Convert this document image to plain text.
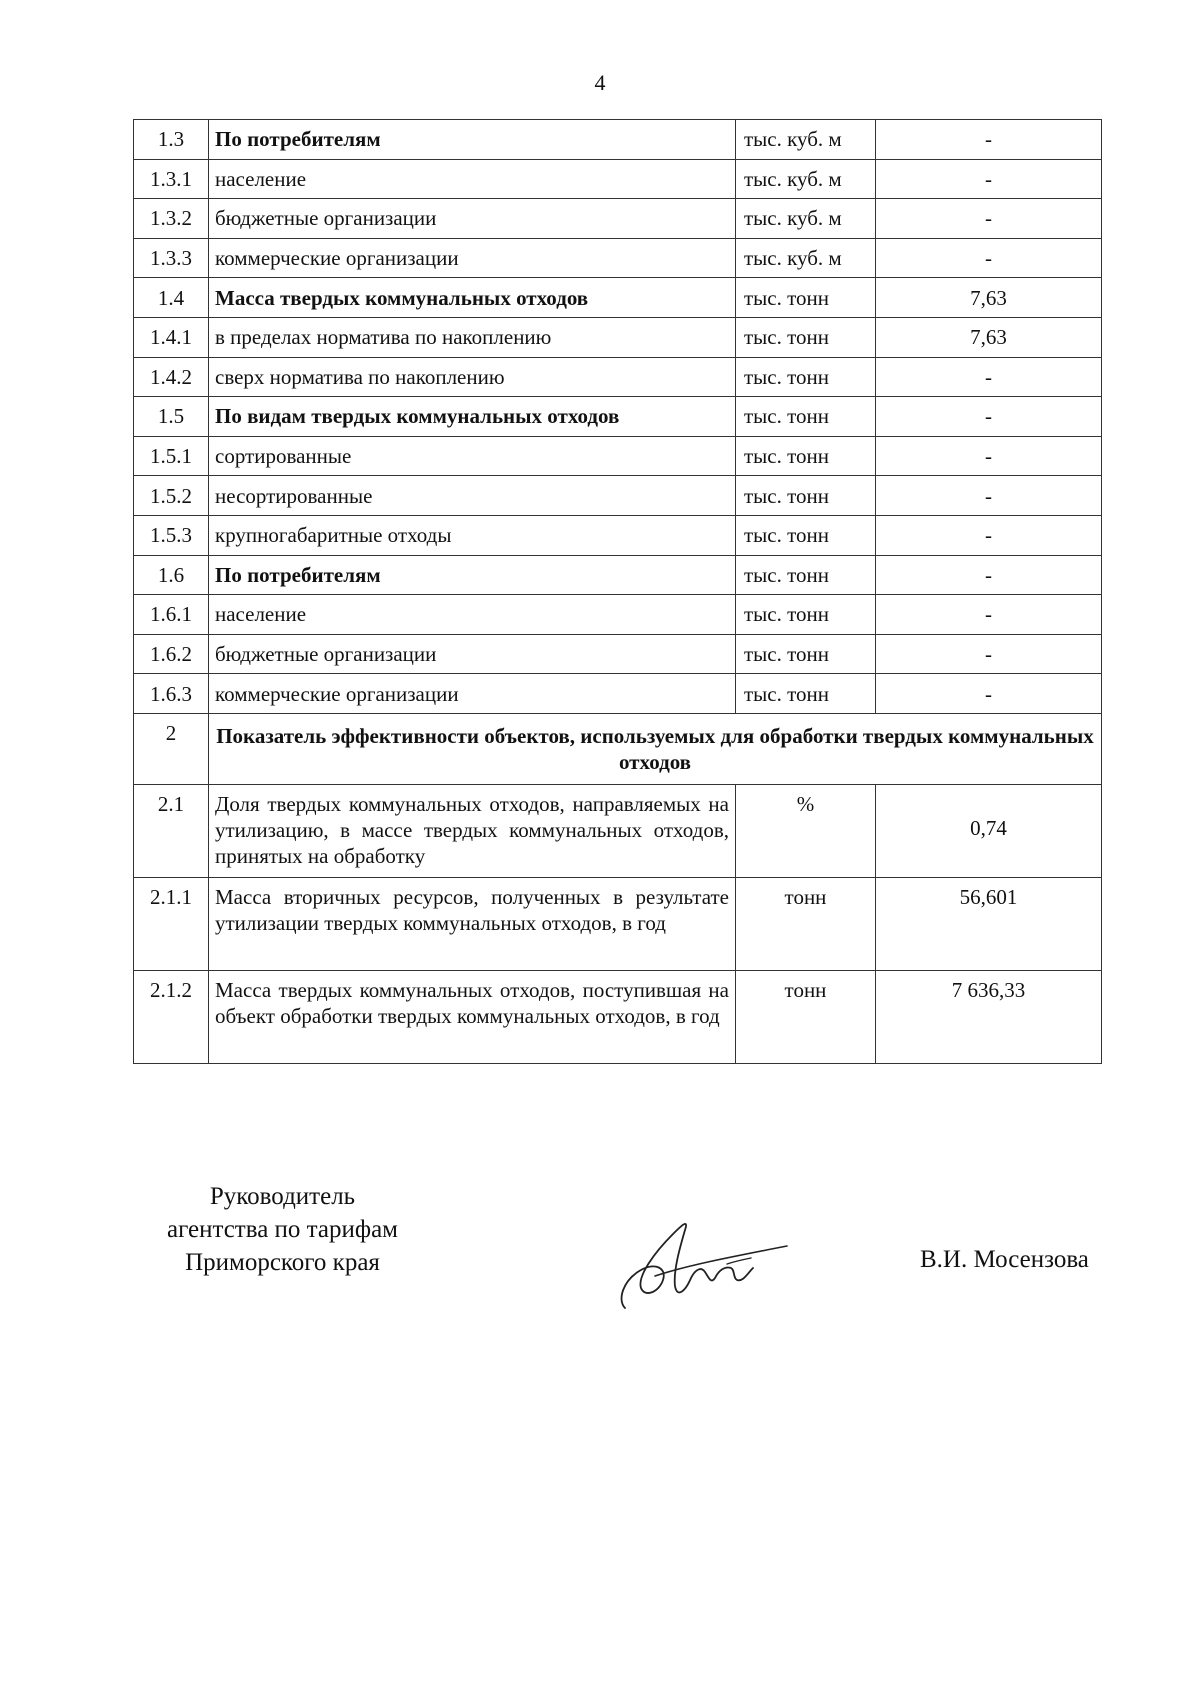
4
1.3	По потребителям	тыс. куб. м	-
1.3.1	население	тыс. куб. м	-
1.3.2	бюджетные организации	тыс. куб. м	-
1.3.3	коммерческие организации	тыс. куб. м	-
1.4	Масса твердых коммунальных отходов	тыс. тонн	7,63
1.4.1	в пределах норматива по накоплению	тыс. тонн	7,63
1.4.2	сверх норматива по накоплению	тыс. тонн	-
1.5	По видам твердых коммунальных отходов	тыс. тонн	-
1.5.1	сортированные	тыс. тонн	-
1.5.2	несортированные	тыс. тонн	-
1.5.3	крупногабаритные отходы	тыс. тонн	-
1.6	По потребителям	тыс. тонн	-
1.6.1	население	тыс. тонн	-
1.6.2	бюджетные организации	тыс. тонн	-
1.6.3	коммерческие организации	тыс. тонн	-
2	Показатель эффективности объектов, используемых для обработки твердых коммунальных отходов		
2.1	Доля твердых коммунальных отходов, направляемых на утилизацию, в массе твердых коммунальных отходов, принятых на обработку	%	0,74
2.1.1	Масса вторичных ресурсов, полученных в результате утилизации твердых коммунальных отходов, в год	тонн	56,601
2.1.2	Масса твердых коммунальных отходов, поступившая на объект обработки твердых коммунальных отходов, в год	тонн	7 636,33
Руководитель
агентства по тарифам
Приморского края	В.И. Мосензова
